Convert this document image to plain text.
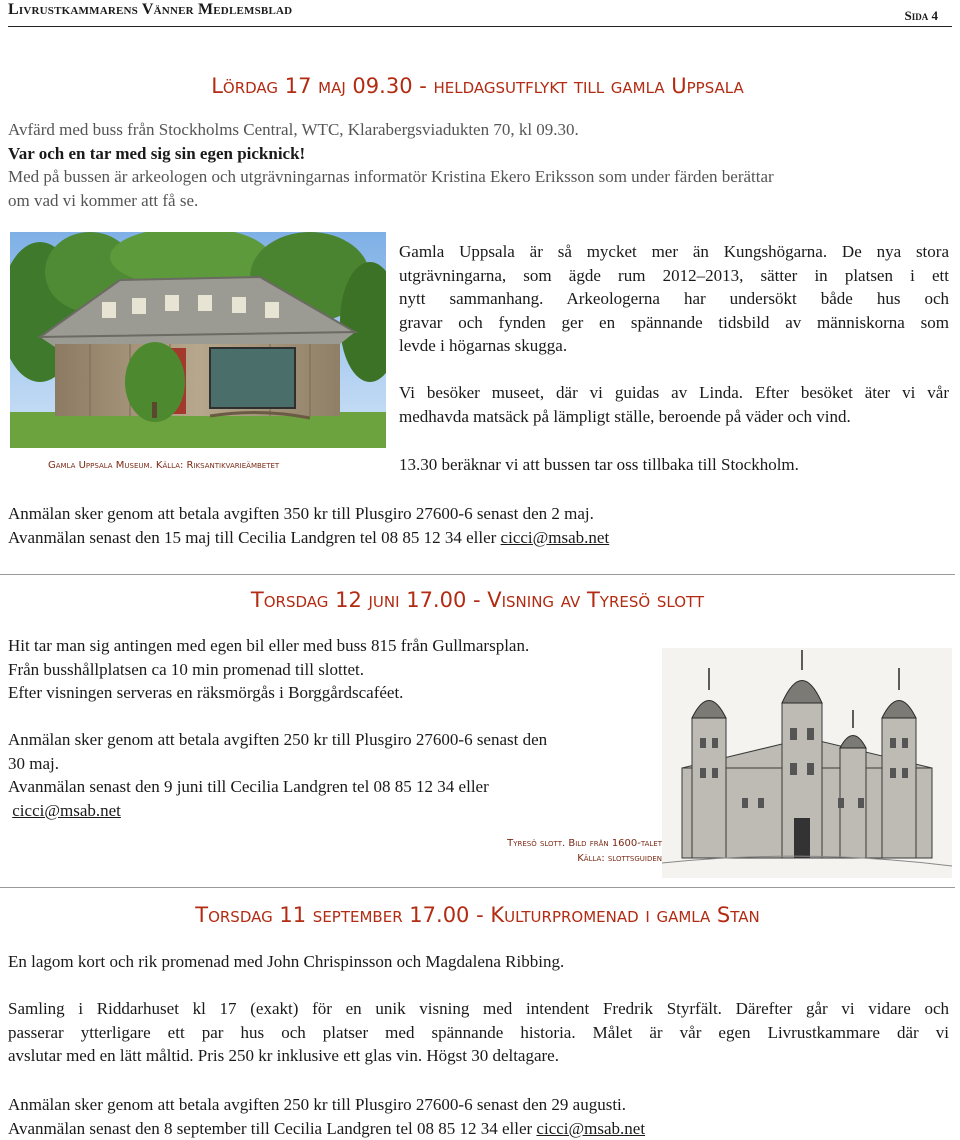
Livrustkammarens Vänner Medlemsblad	Sida 4
Lördag 17 maj 09.30 - heldagsutflykt till gamla Uppsala
Avfärd med buss från Stockholms Central, WTC, Klarabergsviadukten 70, kl 09.30.
Var och en tar med sig sin egen picknick!
Med på bussen är arkeologen och utgrävningarnas informatör Kristina Ekero Eriksson som under färden berättar
om vad vi kommer att få se.
Gamla Uppsala Museum. Källa: Riksantikvarieämbetet
Gamla Uppsala är så mycket mer än Kungshögarna. De nya stora
utgrävningarna, som ägde rum 2012–2013, sätter in platsen i ett
nytt sammanhang. Arkeologerna har undersökt både hus och
gravar och fynden ger en spännande tidsbild av människorna som
levde i högarnas skugga.
Vi besöker museet, där vi guidas av Linda. Efter besöket äter vi vår
medhavda matsäck på lämpligt ställe, beroende på väder och vind.
13.30 beräknar vi att bussen tar oss tillbaka till Stockholm.
Anmälan sker genom att betala avgiften 350 kr till Plusgiro 27600-6 senast den 2 maj.
Avanmälan senast den 15 maj till Cecilia Landgren tel 08 85 12 34 eller cicci@msab.net
Torsdag 12 juni 17.00 - Visning av Tyresö slott
Hit tar man sig antingen med egen bil eller med buss 815 från Gullmarsplan.
Från busshållplatsen ca 10 min promenad till slottet.
Efter visningen serveras en räksmörgås i Borggårdscaféet.
Anmälan sker genom att betala avgiften 250 kr till Plusgiro 27600-6 senast den
30 maj.
Avanmälan senast den 9 juni till Cecilia Landgren tel 08 85 12 34 eller
cicci@msab.net
Tyresö slott. Bild från 1600-talet
Källa: slottsguiden
Torsdag 11 september 17.00 - Kulturpromenad i gamla Stan
En lagom kort och rik promenad med John Chrispinsson och Magdalena Ribbing.
Samling i Riddarhuset kl 17 (exakt) för en unik visning med intendent Fredrik Styrfält. Därefter går vi vidare och
passerar ytterligare ett par hus och platser med spännande historia. Målet är vår egen Livrustkammare där vi
avslutar med en lätt måltid. Pris 250 kr inklusive ett glas vin. Högst 30 deltagare.
Anmälan sker genom att betala avgiften 250 kr till Plusgiro 27600-6 senast den 29 augusti.
Avanmälan senast den 8 september till Cecilia Landgren tel 08 85 12 34 eller cicci@msab.net
